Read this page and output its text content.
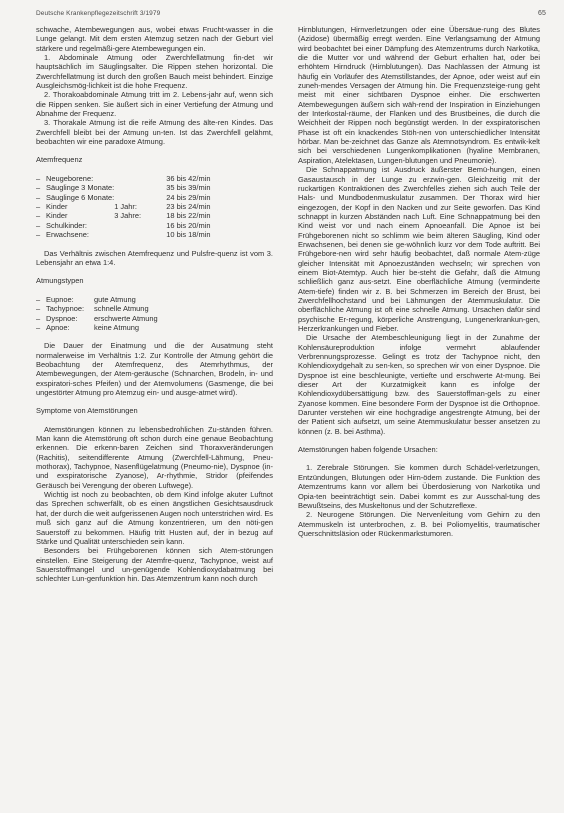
Deutsche Krankenpflegezeitschrift 3/1979	65

schwache, Atembewegungen aus, wobei etwas Frucht-wasser in die Lunge gelangt. Mit dem ersten Atemzug setzen nach der Geburt viel stärkere und regelmäßi-gere Atembewegungen ein.

1. Abdominale Atmung oder Zwerchfellatmung fin-det wir hauptsächlich im Säuglingsalter. Die Rippen stehen horizontal. Die Zwerchfellatmung ist durch den großen Bauch meist behindert. Einzige Ausgleichsmög-lichkeit ist die hohe Frequenz.

2. Thorakoabdominale Atmung tritt im 2. Lebens-jahr auf, wenn sich die Rippen senken. Sie äußert sich in einer Vertiefung der Atmung und Abnahme der Frequenz.

3. Thorakale Atmung ist die reife Atmung des älte-ren Kindes. Das Zwerchfell bleibt bei der Atmung un-ten. Ist das Zwerchfell gelähmt, beobachten wir eine paradoxe Atmung.

Atemfrequenz
–	Neugeborene:		36 bis 42/min
–	Säuglinge 3 Monate:		35 bis 39/min
–	Säuglinge 6 Monate:		24 bis 29/min
–	Kinder	1 Jahr:	23 bis 24/min
–	Kinder	3 Jahre:	18 bis 22/min
–	Schulkinder:		16 bis 20/min
–	Erwachsene:		10 bis 18/min

Das Verhältnis zwischen Atemfrequenz und Pulsfre-quenz ist vom 3. Lebensjahr an etwa 1:4.

Atmungstypen
–	Eupnoe:	gute Atmung
–	Tachypnoe:	schnelle Atmung
–	Dyspnoe:	erschwerte Atmung
–	Apnoe:	keine Atmung

Die Dauer der Einatmung und die der Ausatmung steht normalerweise im Verhältnis 1:2. Zur Kontrolle der Atmung gehört die Beobachtung der Atemfrequenz, des Atemrhythmus, der Atembewegungen, der Atem-geräusche (Schnarchen, Brodeln, in- und exspiratori-sches Pfeifen) und der Atemvolumens (Gasmenge, die bei ungestörter Atmung pro Atemzug ein- und ausge-atmet wird).

Symptome von Atemstörungen

Atemstörungen können zu lebensbedrohlichen Zu-ständen führen. Man kann die Atemstörung oft schon durch eine genaue Beobachtung erkennen. Die erkenn-baren Zeichen sind Thoraxveränderungen (Rachitis), seitendifferente Atmung (Zwerchfell-Lähmung, Pneu-mothorax), Tachypnoe, Nasenflügelatmung (Pneumo-nie), Dyspnoe (in- und exspiratorische Zyanose), Ar-rhythmie, Stridor (pfeifendes Geräusch bei Verengung der oberen Luftwege).

Wichtig ist noch zu beobachten, ob dem Kind infolge akuter Luftnot das Sprechen schwerfällt, ob es einen ängstlichen Gesichtsausdruck hat, der durch die weit aufgerissenen Augen noch unterstrichen wird. Es muß sich ganz auf die Atmung konzentrieren, um den nöti-gen Sauerstoff zu bekommen. Häufig tritt Husten auf, der in bezug auf Stärke und Qualität unterschieden sein kann.

Besonders bei Frühgeborenen können sich Atem-störungen einstellen. Eine Steigerung der Atemfre-quenz, Tachypnoe, weist auf Sauerstoffmangel und un-genügende Kohlendioxydabatmung bei schlechter Lun-genfunktion hin. Das Atemzentrum kann noch durch

Hirnblutungen, Hirnverletzungen oder eine Übersäue-rung des Blutes (Azidose) übermäßig erregt werden. Eine Verlangsamung der Atmung wird beobachtet bei einer Dämpfung des Atemzentrums durch Narkotika, die die Mutter vor und während der Geburt erhalten hat, oder bei erhöhtem Hirndruck (Hirnblutungen). Das Nachlassen der Atmung ist häufig ein Vorläufer des Atemstillstandes, der Apnoe, oder weist auf ein zuneh-mendes Versagen der Atmung hin. Die Frequenzsteige-rung geht meist mit einer sichtbaren Dyspnoe einher. Die erschwerten Atembewegungen äußern sich wäh-rend der Inspiration in Einziehungen der Interkostal-räume, der Flanken und des Brustbeines, die durch die Weichheit der Rippen noch begünstigt werden. In der exspiratorischen Phase ist oft ein knackendes Stöh-nen von unterschiedlicher Intensität hörbar. Man be-zeichnet das Ganze als Atemnotsyndrom. Es entwik-kelt sich bei verschiedenen Lungenkomplikationen (hyaline Membranen, Aspiration, Atelektasen, Lungen-blutungen und Pneumonie).

Die Schnappatmung ist Ausdruck äußerster Bemü-hungen, einen Gasaustausch in der Lunge zu erzwin-gen. Gleichzeitig mit der ruckartigen Kontraktionen des Zwerchfelles ziehen sich auch Teile der Hals- und Mundbodenmuskulatur zusammen. Der Thorax wird hier eingezogen, der Kopf in den Nacken und zur Seite geworfen. Das Kind schnappt in kurzen Abständen nach Luft. Eine Schnappatmung bei den Kind weist vor und nach einem Apnoeanfall. Die Apnoe ist bei Frühgeborenen nicht so schlimm wie beim älteren Säugling, Kind oder Erwachsenen, bei denen sie ge-wöhnlich kurz vor dem Tode auftritt. Bei Frühgebore-nen wird sehr häufig beobachtet, daß normale Atem-züge gleicher Intensität mit Apnoezuständen wechseln; wir sprechen von einem Biot-Atemtyp. Auch hier be-steht die Gefahr, daß die Atmung schließlich ganz aus-setzt. Eine oberflächliche Atmung (verminderte Atem-tiefe) finden wir z. B. bei Schmerzen im Bereich der Brust, bei Zwerchfellhochstand und bei Lähmungen der Atemmuskulatur. Die oberflächliche Atmung ist oft eine schnelle Atmung. Ursachen dafür sind psychische Er-regung, körperliche Anstrengung, Lungenerkrankun-gen, Herzerkrankungen und Fieber.

Die Ursache der Atembeschleunigung liegt in der Zunahme der Kohlensäureproduktion infolge vermehrt ablaufender Verbrennungsprozesse. Gelingt es trotz der Tachypnoe nicht, den Kohlendioxydgehalt zu sen-ken, so sprechen wir von einer Dyspnoe. Die Dyspnoe ist eine beschleunigte, vertiefte und erschwerte At-mung. Bei dieser Art der Kurzatmigkeit kann es infolge der Kohlendioxydübersättigung bzw. des Sauerstoffman-gels zu einer Zyanose kommen. Eine besondere Form der Dyspnoe ist die Orthopnoe. Darunter verstehen wir eine hochgradige angestrengte Atmung, bei der der Patient sich aufsetzt, um seine Atemmuskulatur besser ansetzen zu können (z. B. bei Asthma).

Atemstörungen haben folgende Ursachen:

1. Zerebrale Störungen. Sie kommen durch Schädel-verletzungen, Entzündungen, Blutungen oder Hirn-ödem zustande. Die Funktion des Atemzentrums kann vor allem bei Überdosierung von Narkotika und Opia-ten beeinträchtigt sein. Dabei kommt es zur Ausschal-tung des Bewußtseins, des Muskeltonus und der Schutzreflexe.

2. Neurogene Störungen. Die Nervenleitung vom Gehirn zu den Atemmuskeln ist unterbrochen, z. B. bei Poliomyelitis, traumatischer Querschnittsläsion oder Rückenmarkstumoren.
